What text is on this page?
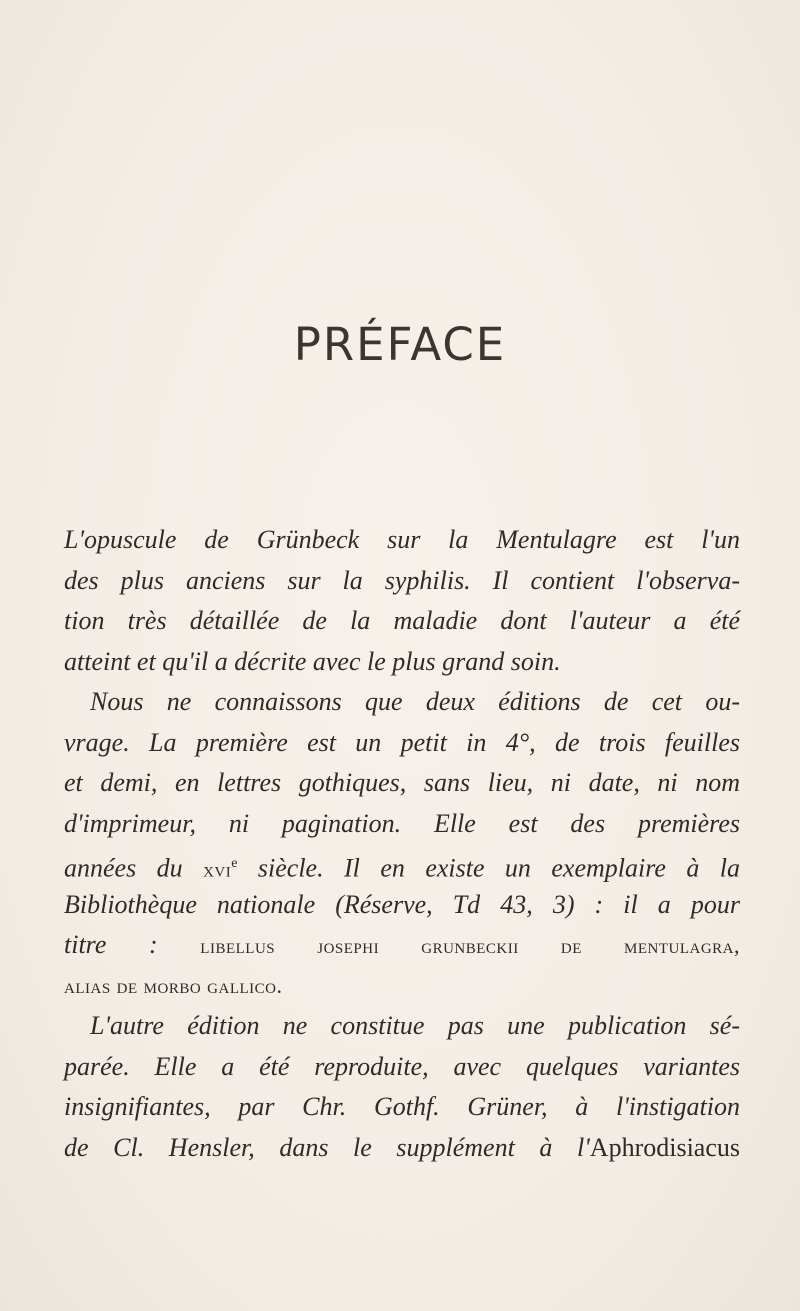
PRÉFACE
L'opuscule de Grünbeck sur la Mentulagre est l'un
des plus anciens sur la syphilis. Il contient l'observa-
tion très détaillée de la maladie dont l'auteur a été
atteint et qu'il a décrite avec le plus grand soin.
Nous ne connaissons que deux éditions de cet ou-
vrage. La première est un petit in 4°, de trois feuilles
et demi, en lettres gothiques, sans lieu, ni date, ni nom
d'imprimeur, ni pagination. Elle est des premières
années du xvi$^e$ siècle. Il en existe un exemplaire à la
Bibliothèque nationale (Réserve, Td 43, 3) : il a pour
titre : libellus josephi grunbeckii de mentulagra,
alias de morbo gallico.
L'autre édition ne constitue pas une publication sé-
parée. Elle a été reproduite, avec quelques variantes
insignifiantes, par Chr. Gothf. Grüner, à l'instigation
de Cl. Hensler, dans le supplément à l'Aphrodisiacus
